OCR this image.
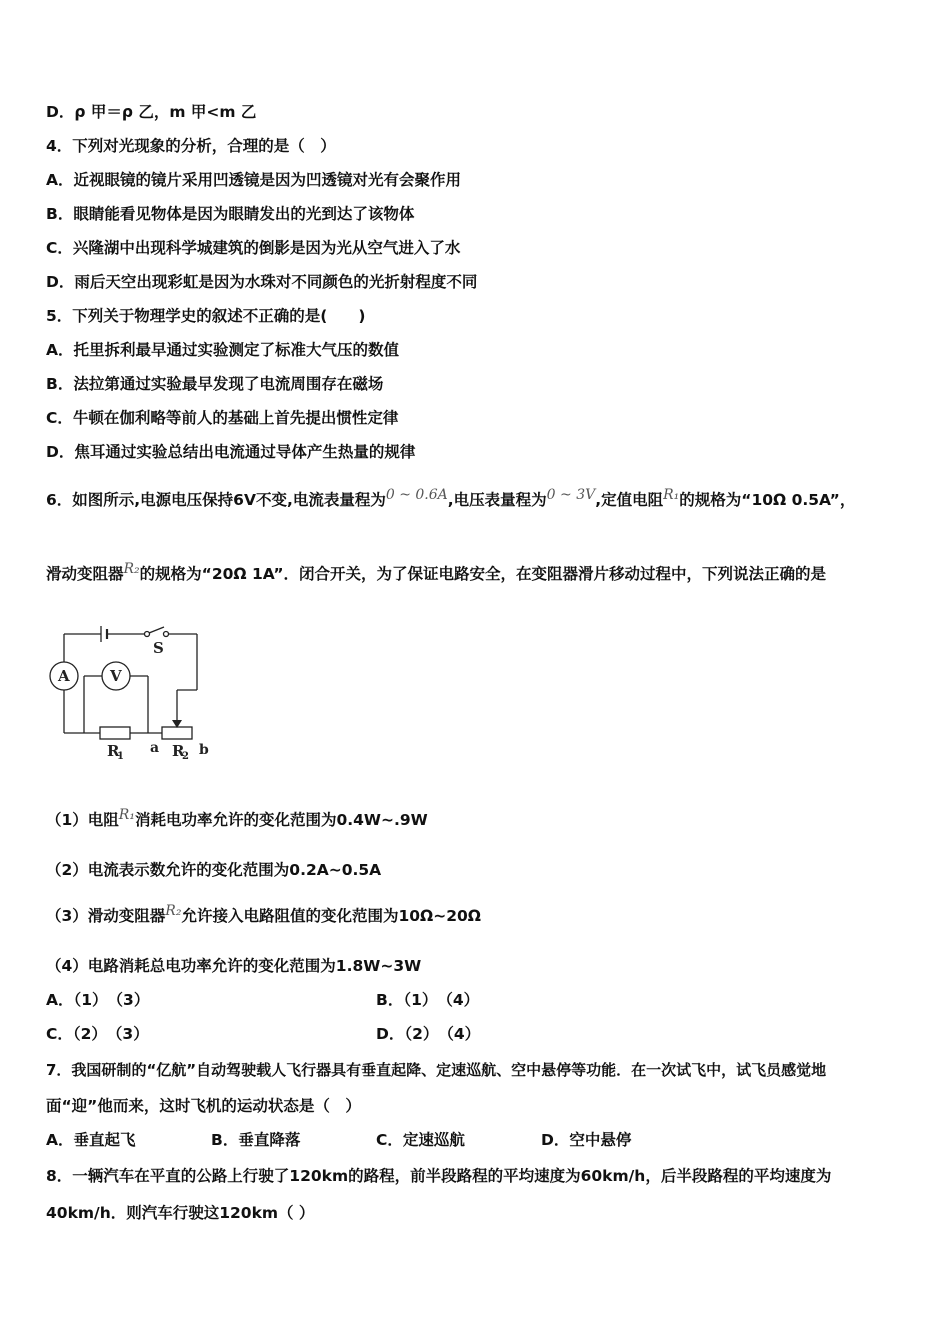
D．ρ 甲＝ρ 乙，m 甲<m 乙
4．下列对光现象的分析，合理的是（　）
A．近视眼镜的镜片采用凹透镜是因为凹透镜对光有会聚作用
B．眼睛能看见物体是因为眼睛发出的光到达了该物体
C．兴隆湖中出现科学城建筑的倒影是因为光从空气进入了水
D．雨后天空出现彩虹是因为水珠对不同颜色的光折射程度不同
5．下列关于物理学史的叙述不正确的是(　　)
A．托里拆利最早通过实验测定了标准大气压的数值
B．法拉第通过实验最早发现了电流周围存在磁场
C．牛顿在伽利略等前人的基础上首先提出惯性定律
D．焦耳通过实验总结出电流通过导体产生热量的规律
6．如图所示,电源电压保持6V不变,电流表量程为0 ~ 0.6A,电压表量程为0 ~ 3V,定值电阻R₁的规格为“10Ω 0.5A”，
滑动变阻器R₂的规格为“20Ω 1A”．闭合开关，为了保证电路安全，在变阻器滑片移动过程中，下列说法正确的是
S
A	V
R
1
a R
2 b
（1）电阻R₁消耗电功率允许的变化范围为0.4W~.9W
（2）电流表示数允许的变化范围为0.2A~0.5A
（3）滑动变阻器R₂允许接入电路阻值的变化范围为10Ω~20Ω
（4）电路消耗总电功率允许的变化范围为1.8W~3W
A．（1）　（3）	B．（1）　（4）
C．（2）　（3）	D．（2）　（4）
7．我国研制的“亿航”自动驾驶载人飞行器具有垂直起降、定速巡航、空中悬停等功能．在一次试飞中，试飞员感觉地
面“迎”他而来，这时飞机的运动状态是（　）
A．垂直起飞	B．垂直降落	C．定速巡航	D．空中悬停
8．一辆汽车在平直的公路上行驶了120km的路程，前半段路程的平均速度为60km/h，后半段路程的平均速度为
40km/h．则汽车行驶这120km（ ）
